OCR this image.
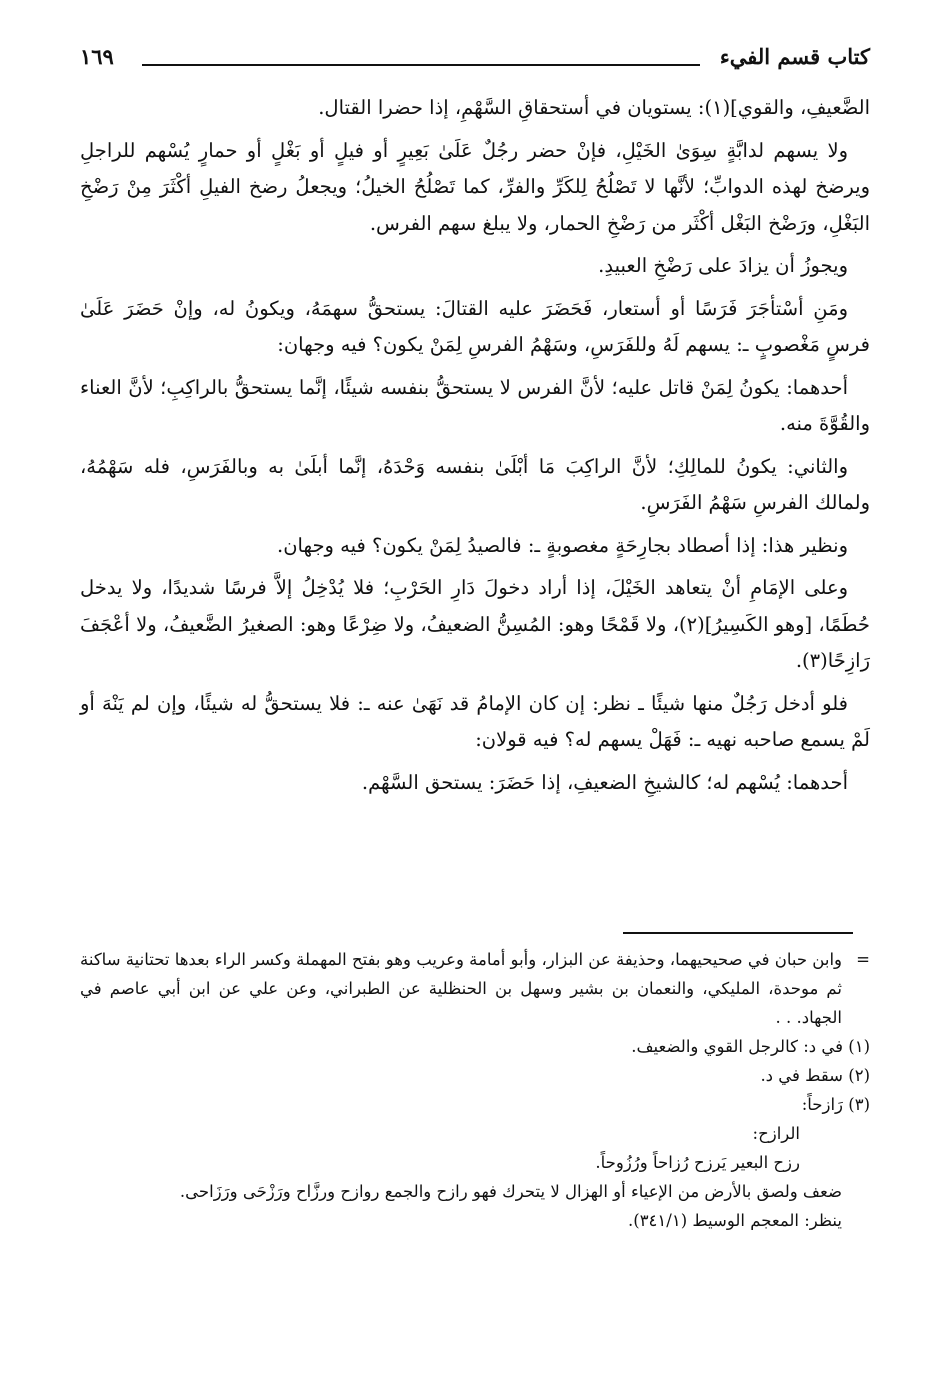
كتاب قسم الفيء
١٦٩

الضَّعيفِ، والقوي](١): يستويان في أستحقاقِ السَّهْمِ، إذا حضرا القتال.

ولا يسهم لدابَّةٍ سِوَىٰ الخَيْلِ، فإنْ حضر رجُلٌ عَلَىٰ بَعِيرٍ أو فيلٍ أو بَغْلٍ أو حمارٍ يُسْهم للراجلِ ويرضخ لهذه الدوابِّ؛ لأنَّها لا تَصْلُحُ لِلكَرِّ والفرِّ، كما تَصْلُحُ الخيلُ؛ ويجعلُ رضخ الفيلِ أكْثَرَ مِنْ رَضْخِ البَغْلِ، ورَضْخ البَغْل أكْثَر من رَضْخِ الحمار، ولا يبلغ سهم الفرس.

ويجوزُ أن يزادَ على رَضْخِ العبيدِ.

ومَنِ أسْتأجَرَ فَرَسًا أو أستعار، فَحَضَرَ عليه القتالَ: يستحقُّ سهمَهُ، ويكونُ له، وإنْ حَضَرَ عَلَىٰ فرسٍ مَغْصوبٍ ـ: يسهم لَهُ وللفَرَسِ، وسَهْمُ الفرسِ لِمَنْ يكون؟ فيه وجهان:

أحدهما: يكونُ لِمَنْ قاتل عليه؛ لأنَّ الفرس لا يستحقُّ بنفسه شيئًا، إنَّما يستحقُّ بالراكِبِ؛ لأنَّ العناء والقُوَّةَ منه.

والثاني: يكونُ للمالِكِ؛ لأنَّ الراكِبَ مَا أبْلَىٰ بنفسه وَحْدَهُ، إنَّما أبلَىٰ به وبالفَرَسِ، فله سَهْمُهُ، ولمالك الفرسِ سَهْمُ الفَرَسِ.

ونظير هذا: إذا أصطاد بجارِحَةٍ مغصوبةٍ ـ: فالصيدُ لِمَنْ يكون؟ فيه وجهان.

وعلى الإمَامِ أنْ يتعاهد الخَيْلَ، إذا أراد دخولَ دَارِ الحَرْبِ؛ فلا يُدْخِلُ إلاَّ فرسًا شديدًا، ولا يدخل حُطَمًا، [وهو الكَسِيرُ](٢)، ولا قَمْحًا وهو: المُسِنُّ الضعيفُ، ولا ضِرْعًا وهو: الصغيرُ الضَّعيفُ، ولا أعْجَفَ رَازِحًا(٣).

فلو أدخل رَجُلٌ منها شيئًا ـ نظر: إن كان الإمامُ قد نَهَىٰ عنه ـ: فلا يستحقُّ له شيئًا، وإن لم يَنْهَ أو لَمْ يسمع صاحبه نهيه ـ: فَهَلْ يسهم له؟ فيه قولان:

أحدهما: يُسْهم له؛ كالشيخِ الضعيفِ، إذا حَضَرَ: يستحق السَّهْم.

=
وابن حبان في صحيحيهما، وحذيفة عن البزار، وأبو أمامة وعريب وهو بفتح المهملة وكسر الراء بعدها تحتانية ساكنة ثم موحدة، المليكي، والنعمان بن بشير وسهل بن الحنظلية عن الطبراني، وعن علي عن ابن أبي عاصم في الجهاد. . .

(١) في د: كالرجل القوي والضعيف.

(٢) سقط في د.

(٣) رَازحاً:

الرازح:

رزح البعير يَرزح رُزاحاً ورُزُوحاً.

ضعف ولصق بالأرض من الإعياء أو الهزال لا يتحرك فهو رازح والجمع روازح ورزَّاح ورَزْحَى ورَزَاحى.

ينظر: المعجم الوسيط (٣٤١/١).
